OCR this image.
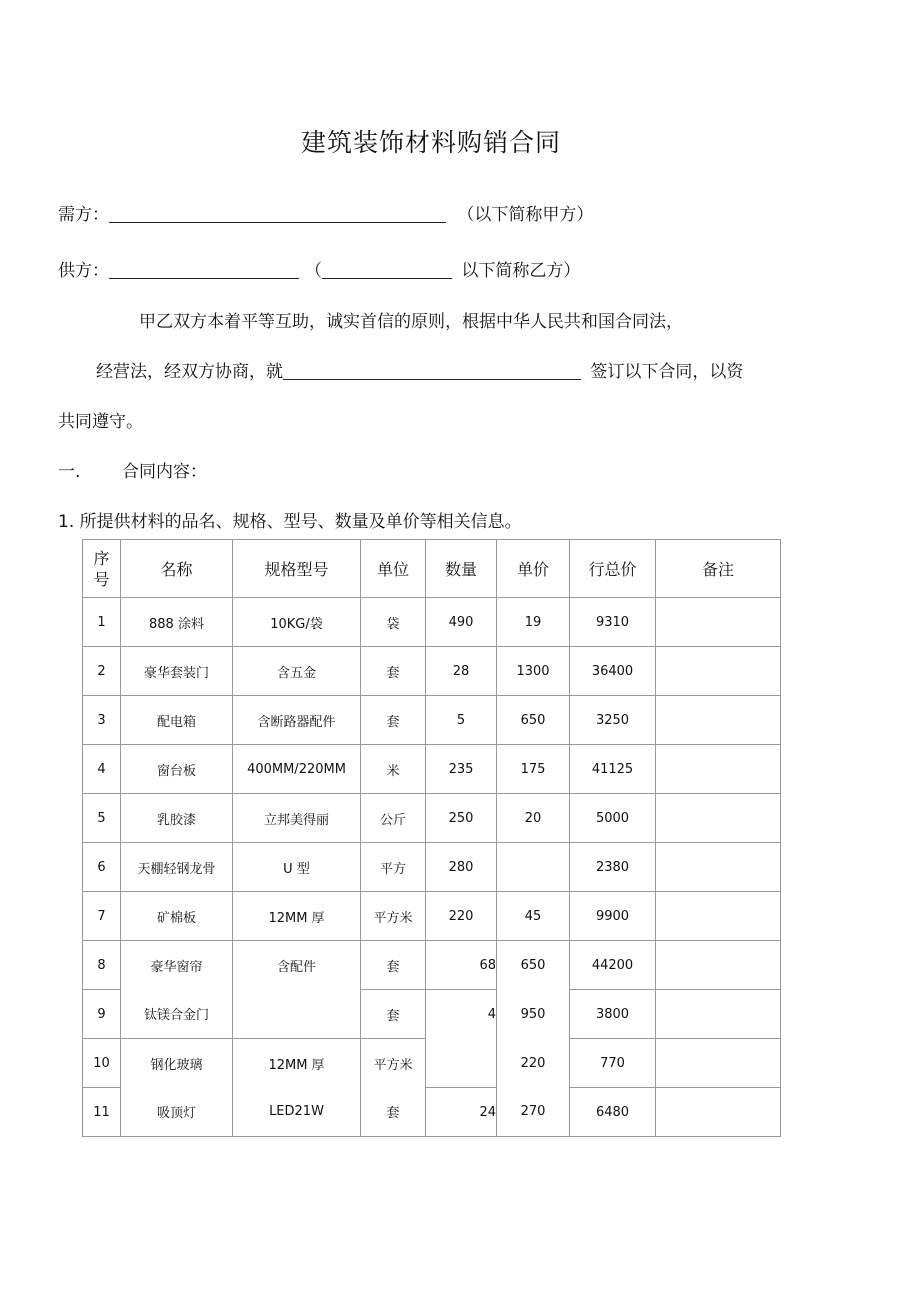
建筑装饰材料购销合同
需方：	（以下简称甲方）
供方：	（	以下简称乙方）
甲乙双方本着平等互助，诚实首信的原则，根据中华人民共和国合同法，
经营法，经双方协商，就	签订以下合同，以资
共同遵守。
一. 合同内容：
1. 所提供材料的品名、规格、型号、数量及单价等相关信息。
序
号	名称	规格型号	单位	数量	单价	行总价	备注
1	888 涂料	10KG/袋	袋	490	19	9310	
2	豪华套装门	含五金	套	28	1300	36400	
3	配电箱	含断路器配件	套	5	650	3250	
4	窗台板	400MM/220MM	米	235	175	41125	
5	乳胶漆	立邦美得丽	公斤	250	20	5000	
6	天棚轻钢龙骨	U 型	平方	280		2380	
7	矿棉板	12MM 厚	平方米	220	45	9900	
8	豪华窗帘	含配件	套	68	650	44200	
9	钛镁合金门		套	4	950	3800	
10	钢化玻璃	12MM 厚	平方米		220	770	
11	吸顶灯	LED21W	套	24	270	6480	
